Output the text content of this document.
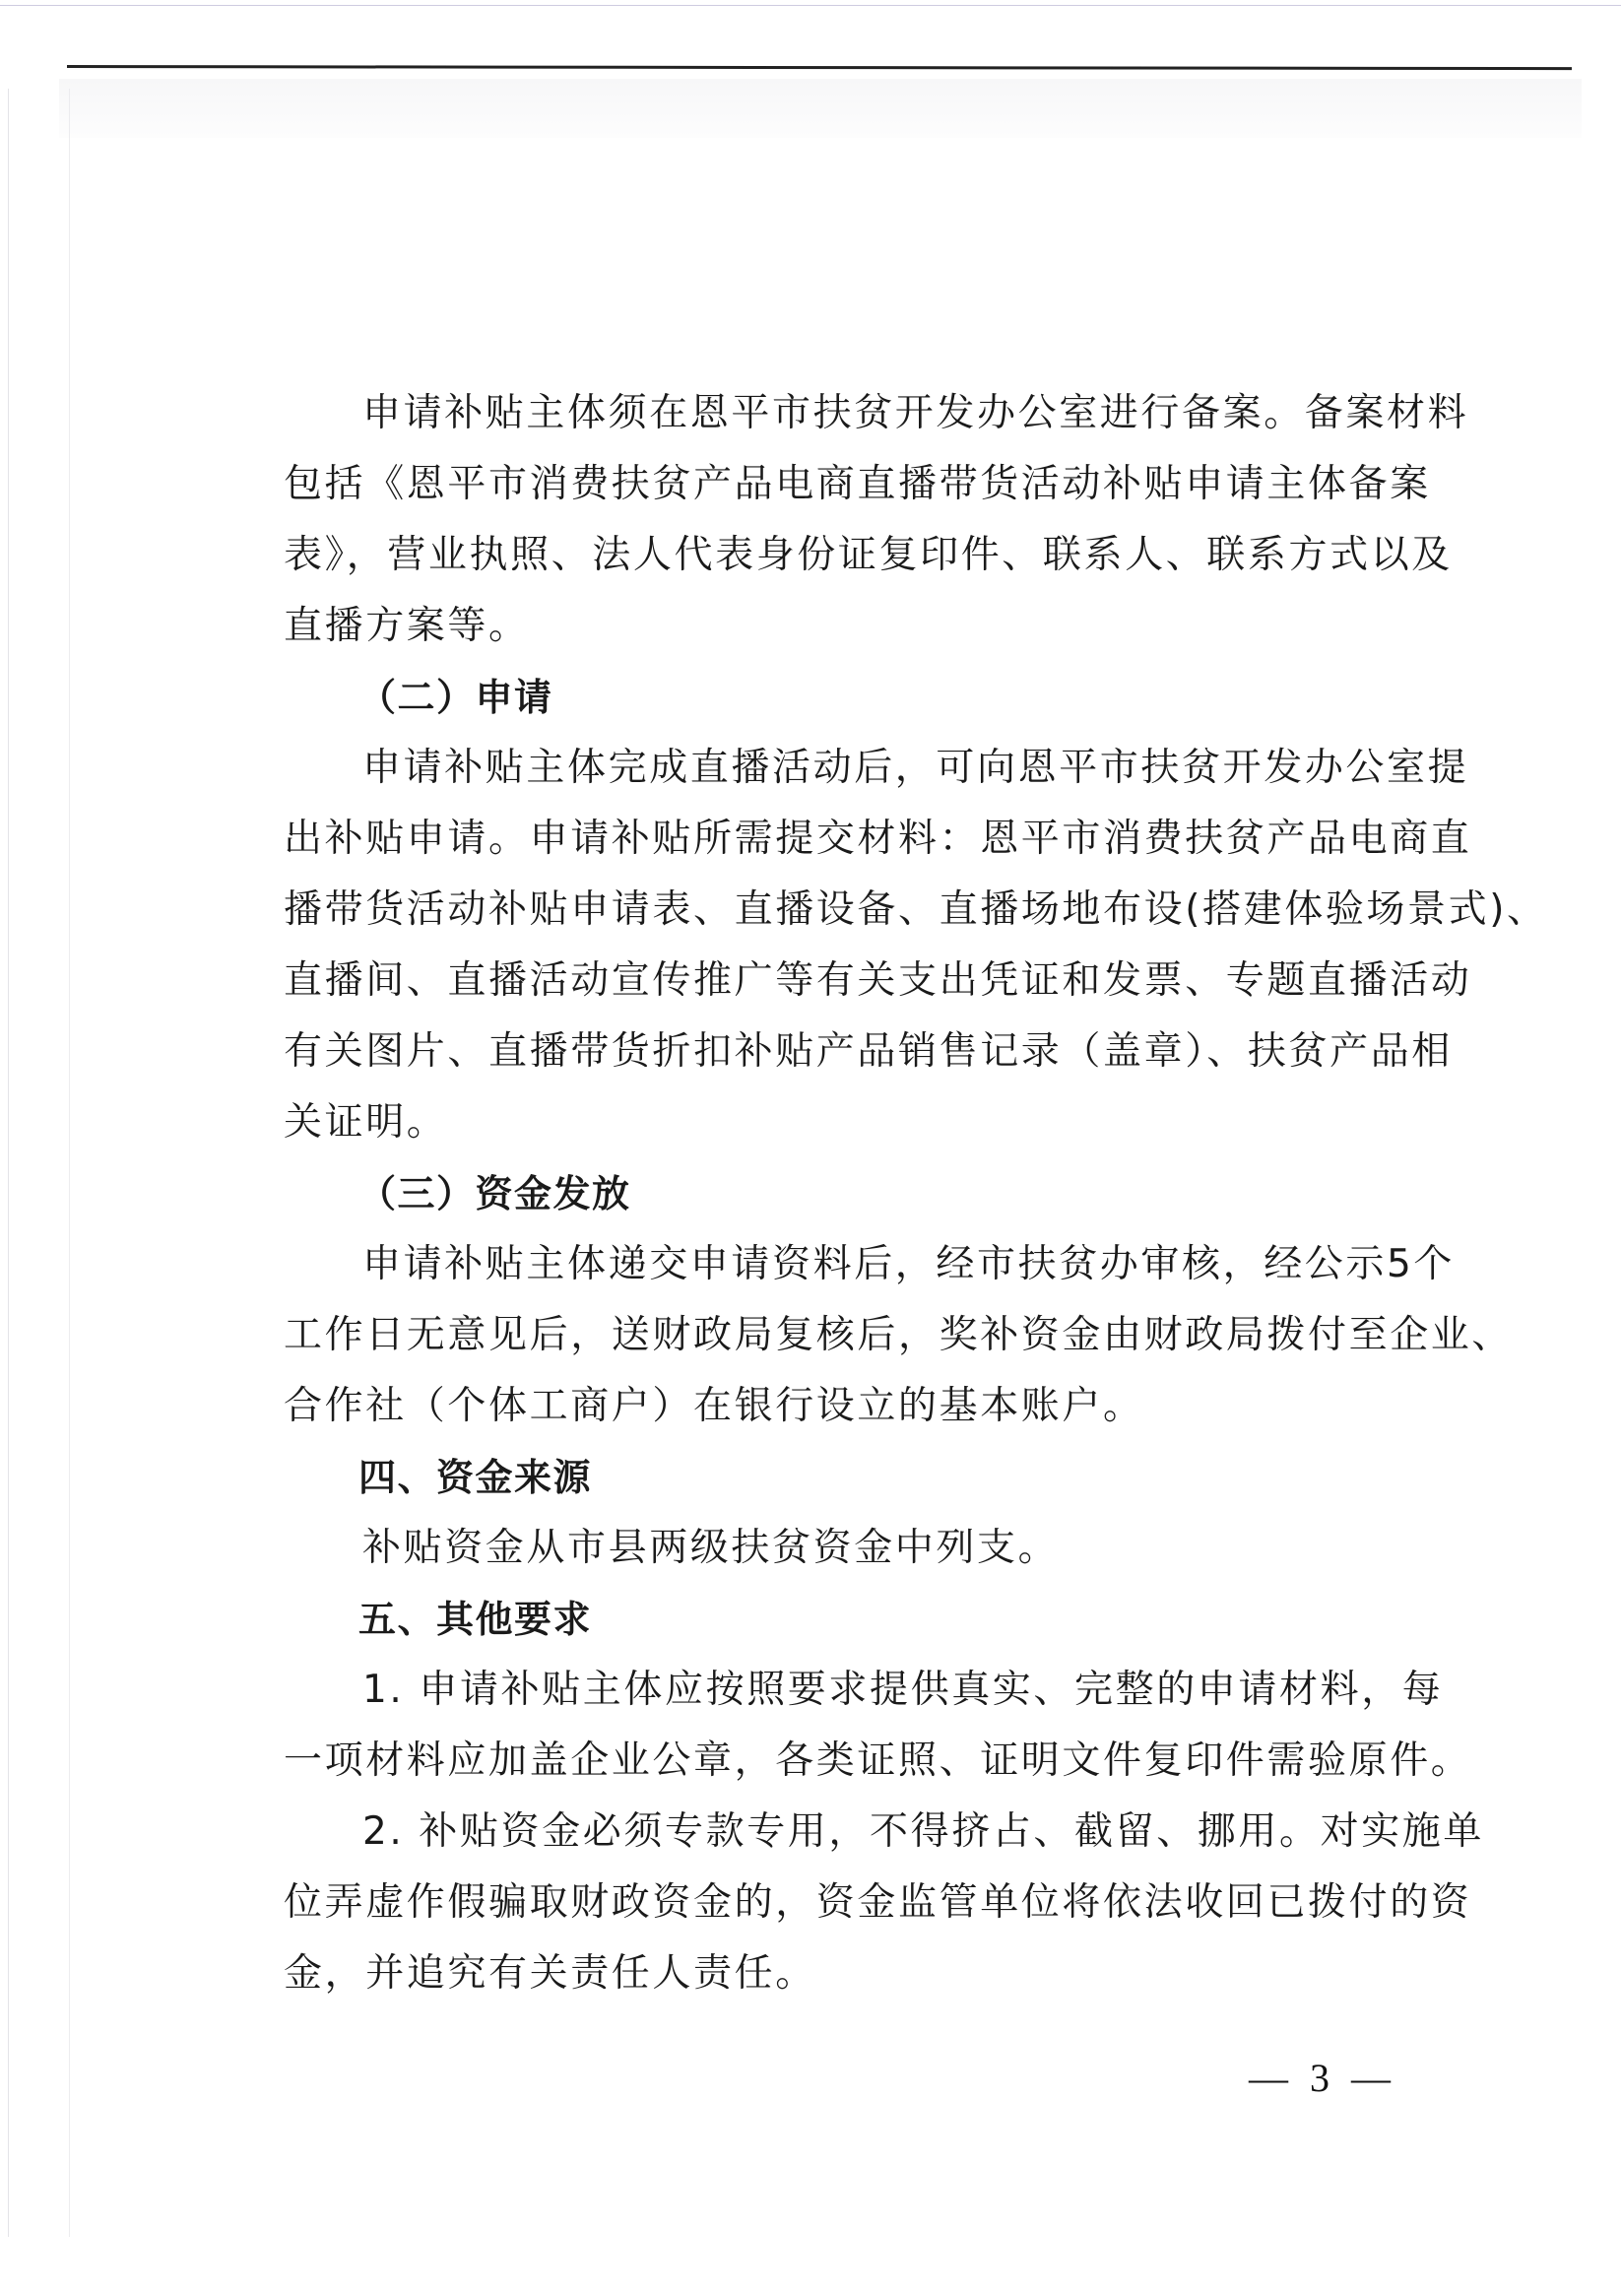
申请补贴主体须在恩平市扶贫开发办公室进行备案。备案材料
包括《恩平市消费扶贫产品电商直播带货活动补贴申请主体备案
表》，营业执照、法人代表身份证复印件、联系人、联系方式以及
直播方案等。
（二）申请
申请补贴主体完成直播活动后，可向恩平市扶贫开发办公室提
出补贴申请。申请补贴所需提交材料：恩平市消费扶贫产品电商直
播带货活动补贴申请表、直播设备、直播场地布设(搭建体验场景式)、
直播间、直播活动宣传推广等有关支出凭证和发票、专题直播活动
有关图片、直播带货折扣补贴产品销售记录（盖章）、扶贫产品相
关证明。
（三）资金发放
申请补贴主体递交申请资料后，经市扶贫办审核，经公示5个
工作日无意见后，送财政局复核后，奖补资金由财政局拨付至企业、
合作社（个体工商户）在银行设立的基本账户。
四、资金来源
补贴资金从市县两级扶贫资金中列支。
五、其他要求
1. 申请补贴主体应按照要求提供真实、完整的申请材料，每
一项材料应加盖企业公章，各类证照、证明文件复印件需验原件。
2. 补贴资金必须专款专用，不得挤占、截留、挪用。对实施单
位弄虚作假骗取财政资金的，资金监管单位将依法收回已拨付的资
金，并追究有关责任人责任。
— 3 —
